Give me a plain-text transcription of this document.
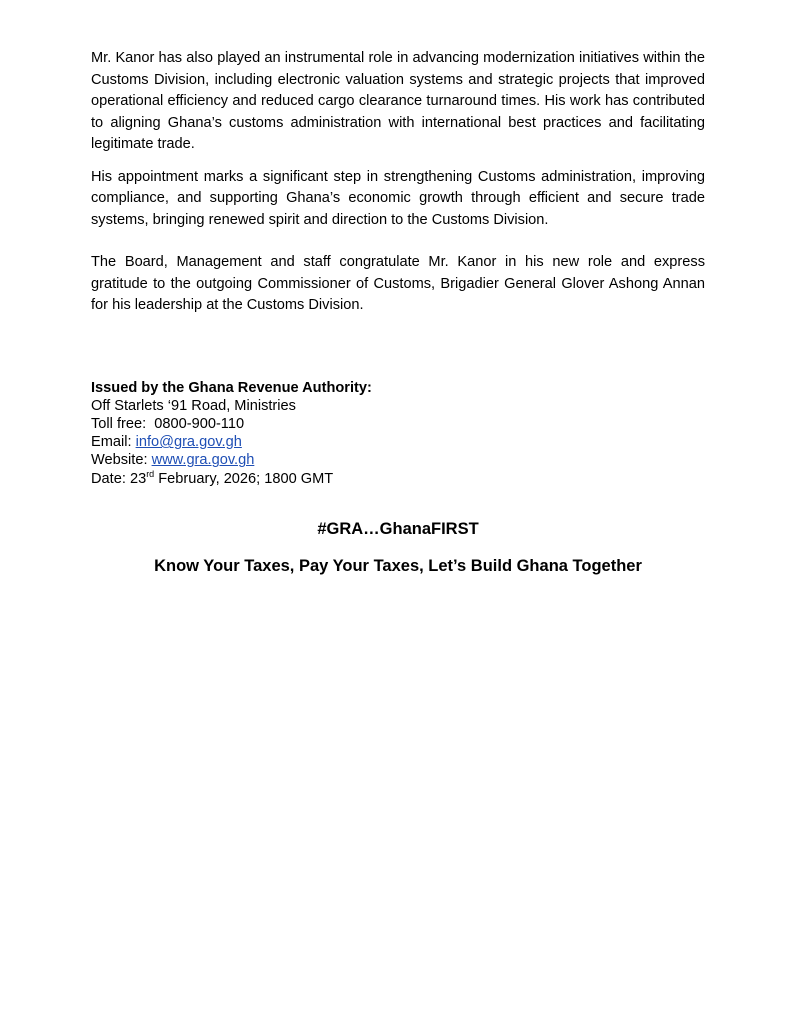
Mr. Kanor has also played an instrumental role in advancing modernization initiatives within the Customs Division, including electronic valuation systems and strategic projects that improved operational efficiency and reduced cargo clearance turnaround times. His work has contributed to aligning Ghana’s customs administration with international best practices and facilitating legitimate trade.

His appointment marks a significant step in strengthening Customs administration, improving compliance, and supporting Ghana’s economic growth through efficient and secure trade systems, bringing renewed spirit and direction to the Customs Division.

The Board, Management and staff congratulate Mr. Kanor in his new role and express gratitude to the outgoing Commissioner of Customs, Brigadier General Glover Ashong Annan for his leadership at the Customs Division.

Issued by the Ghana Revenue Authority:
Off Starlets ‘91 Road, Ministries
Toll free: 0800-900-110
Email: info@gra.gov.gh
Website: www.gra.gov.gh
Date: 23rd February, 2026; 1800 GMT
#GRA…GhanaFIRST
Know Your Taxes, Pay Your Taxes, Let’s Build Ghana Together
